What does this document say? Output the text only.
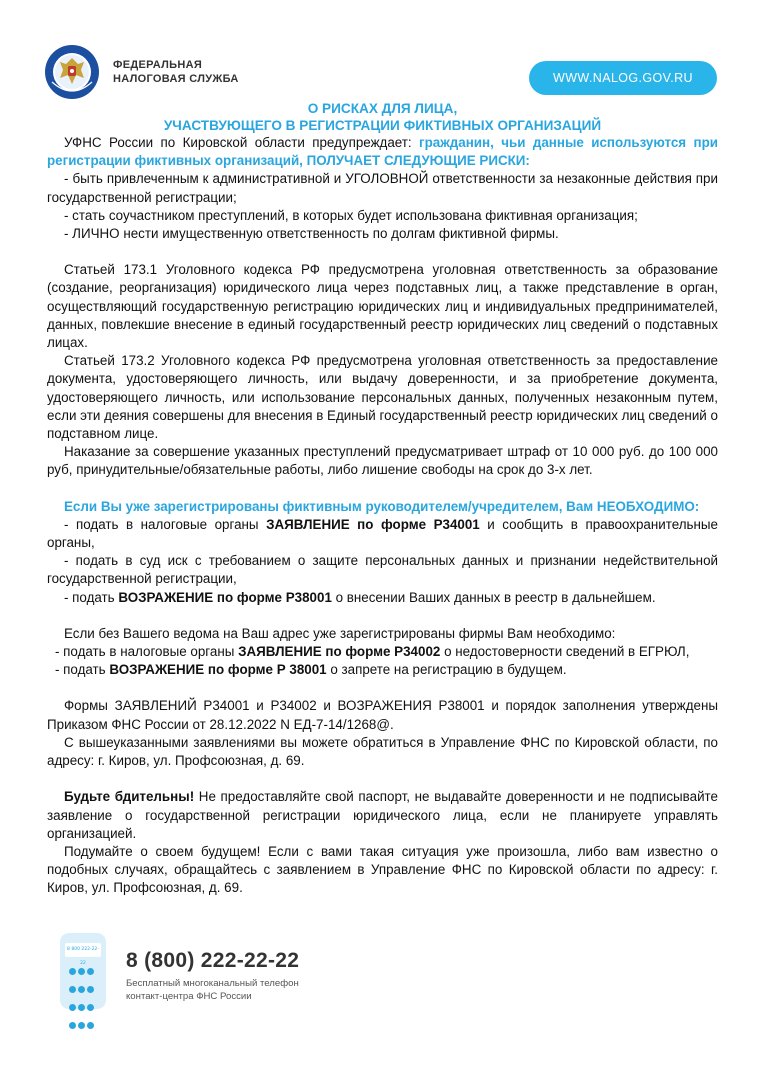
ФЕДЕРАЛЬНАЯ
НАЛОГОВАЯ СЛУЖБА	WWW.NALOG.GOV.RU
О РИСКАХ ДЛЯ ЛИЦА,
УЧАСТВУЮЩЕГО В РЕГИСТРАЦИИ ФИКТИВНЫХ ОРГАНИЗАЦИЙ

УФНС России по Кировской области предупреждает: гражданин, чьи данные используются при регистрации фиктивных организаций, ПОЛУЧАЕТ СЛЕДУЮЩИЕ РИСКИ:

- быть привлеченным к административной и УГОЛОВНОЙ ответственности за незаконные действия при государственной регистрации;

- стать соучастником преступлений, в которых будет использована фиктивная организация;

- ЛИЧНО нести имущественную ответственность по долгам фиктивной фирмы.

Статьей 173.1 Уголовного кодекса РФ предусмотрена уголовная ответственность за образование (создание, реорганизация) юридического лица через подставных лиц, а также представление в орган, осуществляющий государственную регистрацию юридических лиц и индивидуальных предпринимателей, данных, повлекшие внесение в единый государственный реестр юридических лиц сведений о подставных лицах.

Статьей 173.2 Уголовного кодекса РФ предусмотрена уголовная ответственность за предоставление документа, удостоверяющего личность, или выдачу доверенности, и за приобретение документа, удостоверяющего личность, или использование персональных данных, полученных незаконным путем, если эти деяния совершены для внесения в Единый государственный реестр юридических лиц сведений о подставном лице.

Наказание за совершение указанных преступлений предусматривает штраф от 10 000 руб. до 100 000 руб, принудительные/обязательные работы, либо лишение свободы на срок до 3-х лет.

Если Вы уже зарегистрированы фиктивным руководителем/учредителем, Вам НЕОБХОДИМО:

- подать в налоговые органы ЗАЯВЛЕНИЕ по форме Р34001 и сообщить в правоохранительные органы,

- подать в суд иск с требованием о защите персональных данных и признании недействительной государственной регистрации,

- подать ВОЗРАЖЕНИЕ по форме Р38001 о внесении Ваших данных в реестр в дальнейшем.

Если без Вашего ведома на Ваш адрес уже зарегистрированы фирмы Вам необходимо:

- подать в налоговые органы ЗАЯВЛЕНИЕ по форме Р34002 о недостоверности сведений в ЕГРЮЛ,

- подать ВОЗРАЖЕНИЕ по форме Р 38001 о запрете на регистрацию в будущем.

Формы ЗАЯВЛЕНИЙ Р34001 и Р34002 и ВОЗРАЖЕНИЯ Р38001 и порядок заполнения утверждены Приказом ФНС России от 28.12.2022 N ЕД-7-14/1268@.

С вышеуказанными заявлениями вы можете обратиться в Управление ФНС по Кировской области, по адресу: г. Киров, ул. Профсоюзная, д. 69.

Будьте бдительны! Не предоставляйте свой паспорт, не выдавайте доверенности и не подписывайте заявление о государственной регистрации юридического лица, если не планируете управлять организацией.

Подумайте о своем будущем! Если с вами такая ситуация уже произошла, либо вам известно о подобных случаях, обращайтесь с заявлением в Управление ФНС по Кировской области по адресу: г. Киров, ул. Профсоюзная, д. 69.

8 800 222-22-22
	8 (800) 222-22-22
Бесплатный многоканальный телефон
контакт-центра ФНС России
